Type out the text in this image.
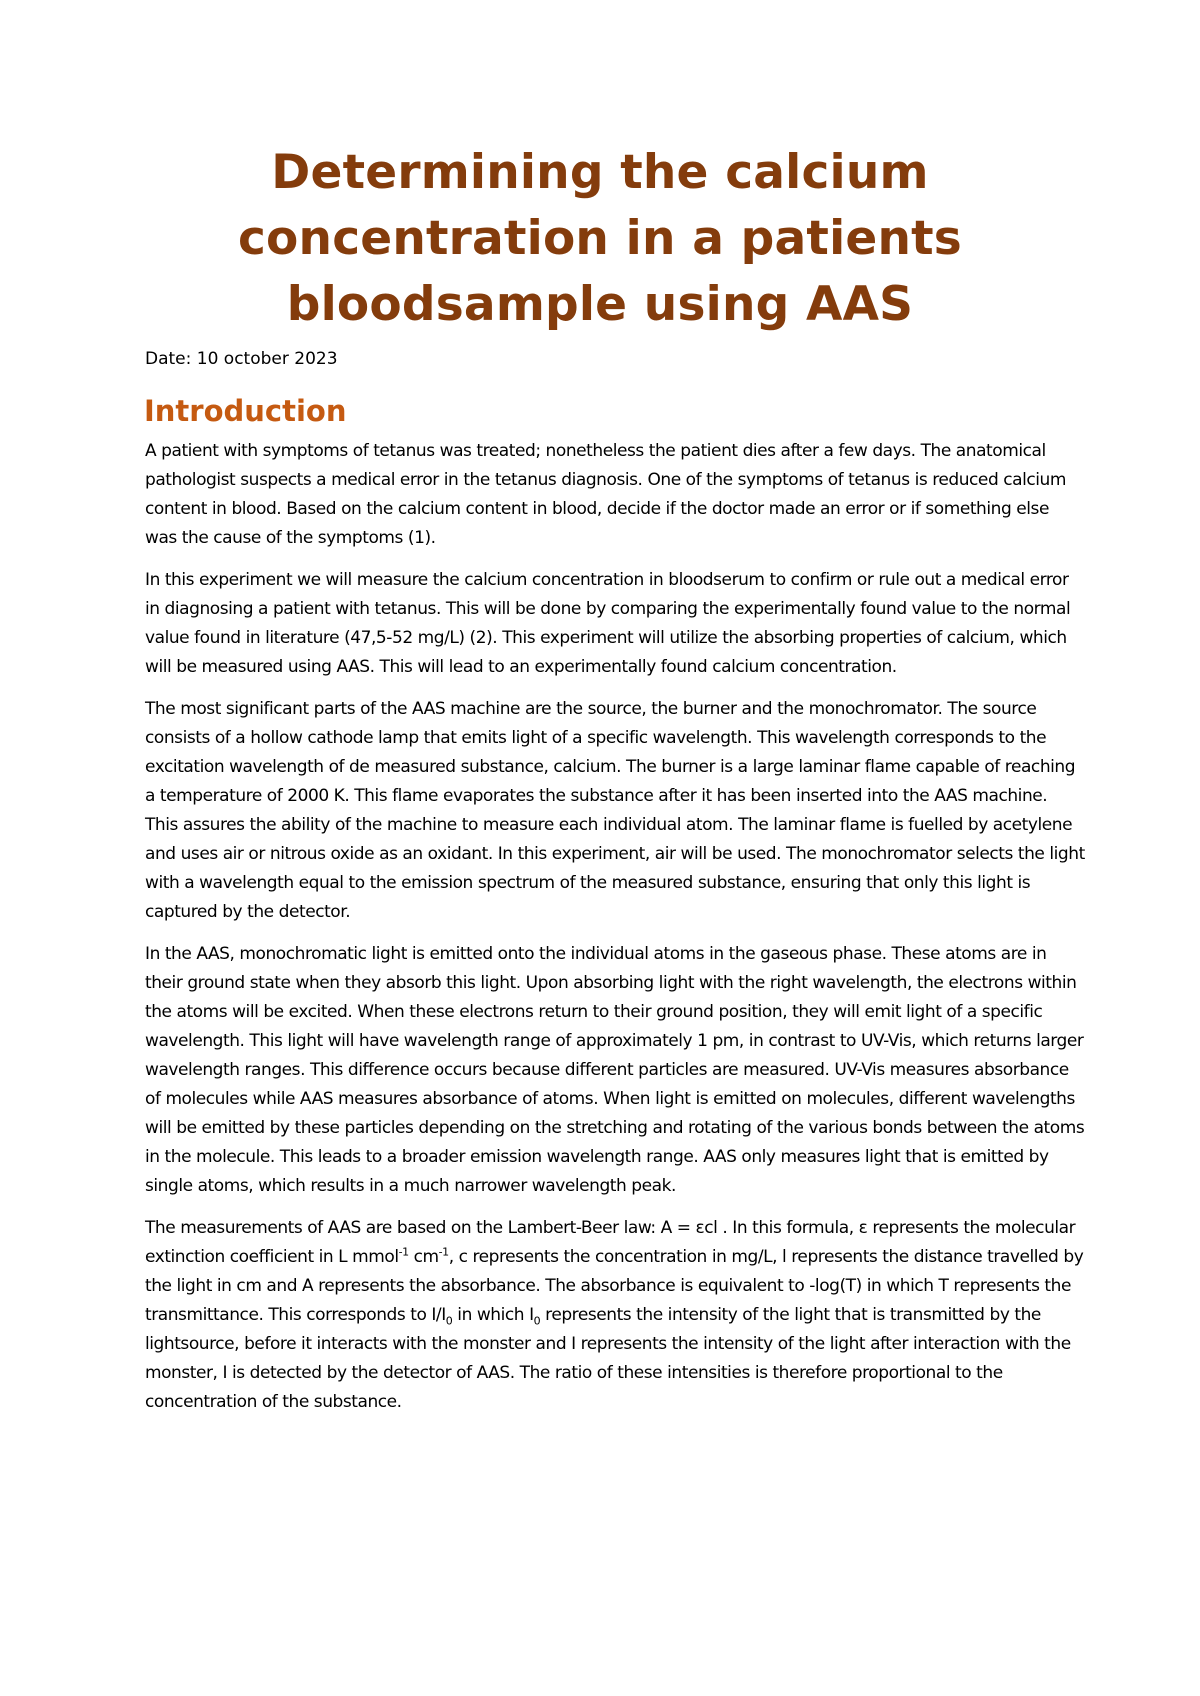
Determining the calcium concentration in a patients bloodsample using AAS

Date: 10 october 2023

Introduction

A patient with symptoms of tetanus was treated; nonetheless the patient dies after a few days. The anatomical pathologist suspects a medical error in the tetanus diagnosis. One of the symptoms of tetanus is reduced calcium content in blood. Based on the calcium content in blood, decide if the doctor made an error or if something else was the cause of the symptoms (1).

In this experiment we will measure the calcium concentration in bloodserum to confirm or rule out a medical error in diagnosing a patient with tetanus. This will be done by comparing the experimentally found value to the normal value found in literature (47,5-52 mg/L) (2). This experiment will utilize the absorbing properties of calcium, which will be measured using AAS. This will lead to an experimentally found calcium concentration.

The most significant parts of the AAS machine are the source, the burner and the monochromator. The source consists of a hollow cathode lamp that emits light of a specific wavelength. This wavelength corresponds to the excitation wavelength of de measured substance, calcium. The burner is a large laminar flame capable of reaching a temperature of 2000 K. This flame evaporates the substance after it has been inserted into the AAS machine. This assures the ability of the machine to measure each individual atom. The laminar flame is fuelled by acetylene and uses air or nitrous oxide as an oxidant. In this experiment, air will be used. The monochromator selects the light with a wavelength equal to the emission spectrum of the measured substance, ensuring that only this light is captured by the detector.

In the AAS, monochromatic light is emitted onto the individual atoms in the gaseous phase. These atoms are in their ground state when they absorb this light. Upon absorbing light with the right wavelength, the electrons within the atoms will be excited. When these electrons return to their ground position, they will emit light of a specific wavelength. This light will have wavelength range of approximately 1 pm, in contrast to UV-Vis, which returns larger wavelength ranges. This difference occurs because different particles are measured. UV-Vis measures absorbance of molecules while AAS measures absorbance of atoms. When light is emitted on molecules, different wavelengths will be emitted by these particles depending on the stretching and rotating of the various bonds between the atoms in the molecule. This leads to a broader emission wavelength range. AAS only measures light that is emitted by single atoms, which results in a much narrower wavelength peak.

The measurements of AAS are based on the Lambert-Beer law: A = εcl . In this formula, ε represents the molecular extinction coefficient in L mmol$^{-1}$ $cm^{-1}$, c represents the concentration in mg/L, l represents the distance travelled by the light in cm and A represents the absorbance. The absorbance is equivalent to -log(T) in which T represents the transmittance. This corresponds to $I/I_0$ in which $I_0$ represents the intensity of the light that is transmitted by the lightsource, before it interacts with the monster and I represents the intensity of the light after interaction with the monster, I is detected by the detector of AAS. The ratio of these intensities is therefore proportional to the concentration of the substance.
